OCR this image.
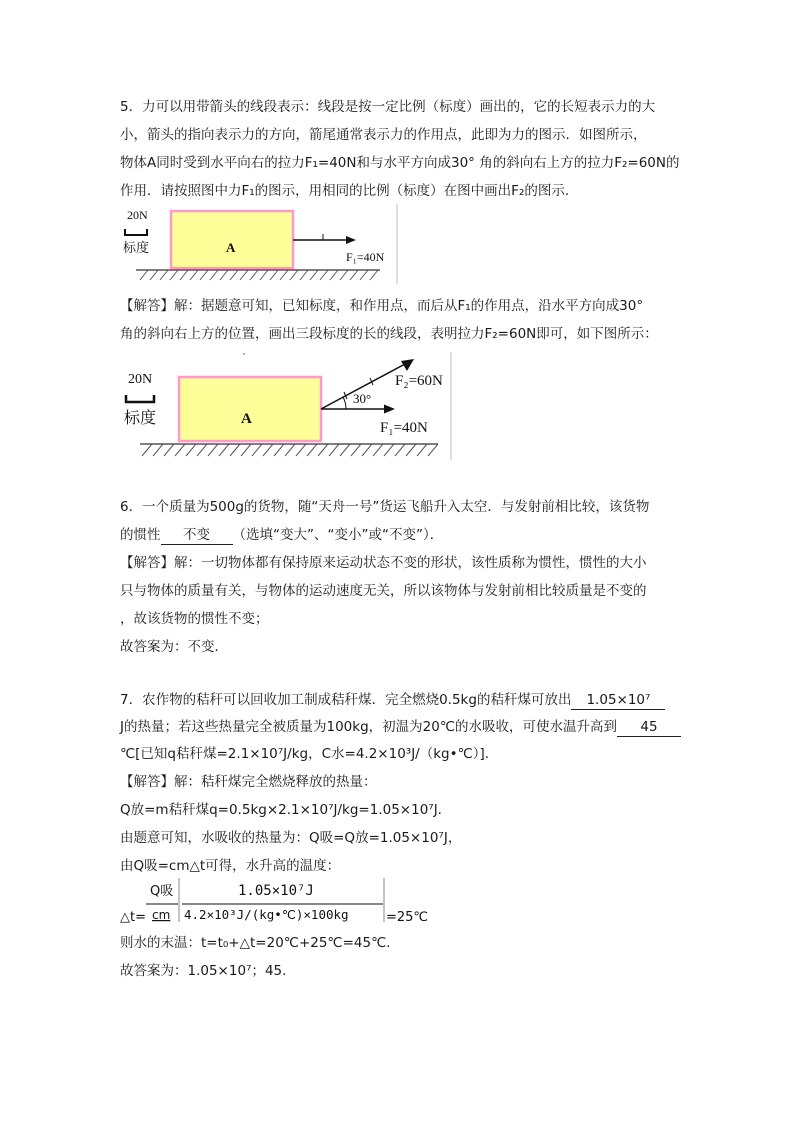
5．力可以用带箭头的线段表示：线段是按一定比例（标度）画出的，它的长短表示力的大
小，箭头的指向表示力的方向，箭尾通常表示力的作用点，此即为力的图示．如图所示，
物体A同时受到水平向右的拉力F₁=40N和与水平方向成30° 角的斜向右上方的拉力F₂=60N的
作用．请按照图中力F₁的图示，用相同的比例（标度）在图中画出F₂的图示．
20N
标度	A
F₁=40N
【解答】解：据题意可知，已知标度，和作用点，而后从F₁的作用点，沿水平方向成30°
角的斜向右上方的位置，画出三段标度的长的线段，表明拉力F₂=60N即可，如下图所示：
20N
标度	A
F₁=40N
30°
F₂=60N
6．一个质量为500g的货物，随“天舟一号”货运飞船升入太空．与发射前相比较，该货物
的惯性 不变 （选填“变大”、“变小”或“不变”）．
【解答】解：一切物体都有保持原来运动状态不变的形状，该性质称为惯性，惯性的大小
只与物体的质量有关，与物体的运动速度无关，所以该物体与发射前相比较质量是不变的
，故该货物的惯性不变；
故答案为：不变．
7．农作物的秸秆可以回收加工制成秸秆煤．完全燃烧0.5kg的秸秆煤可放出 1.05×10⁷
J的热量；若这些热量完全被质量为100kg，初温为20℃的水吸收，可使水温升高到 45
℃[已知q秸秆煤=2.1×10⁷J/kg，C水=4.2×10³J/（kg•℃）]．
【解答】解：秸秆煤完全燃烧释放的热量：
Q放=m秸秆煤q=0.5kg×2.1×10⁷J/kg=1.05×10⁷J．
由题意可知，水吸收的热量为：Q吸=Q放=1.05×10⁷J，
由Q吸=cm△t可得，水升高的温度：
△t=
Q吸
cm
1.05×10⁷J
4.2×10³J/(kg•℃)×100kg	=25℃
则水的末温：t=t₀+△t=20℃+25℃=45℃．
故答案为：1.05×10⁷；45．
